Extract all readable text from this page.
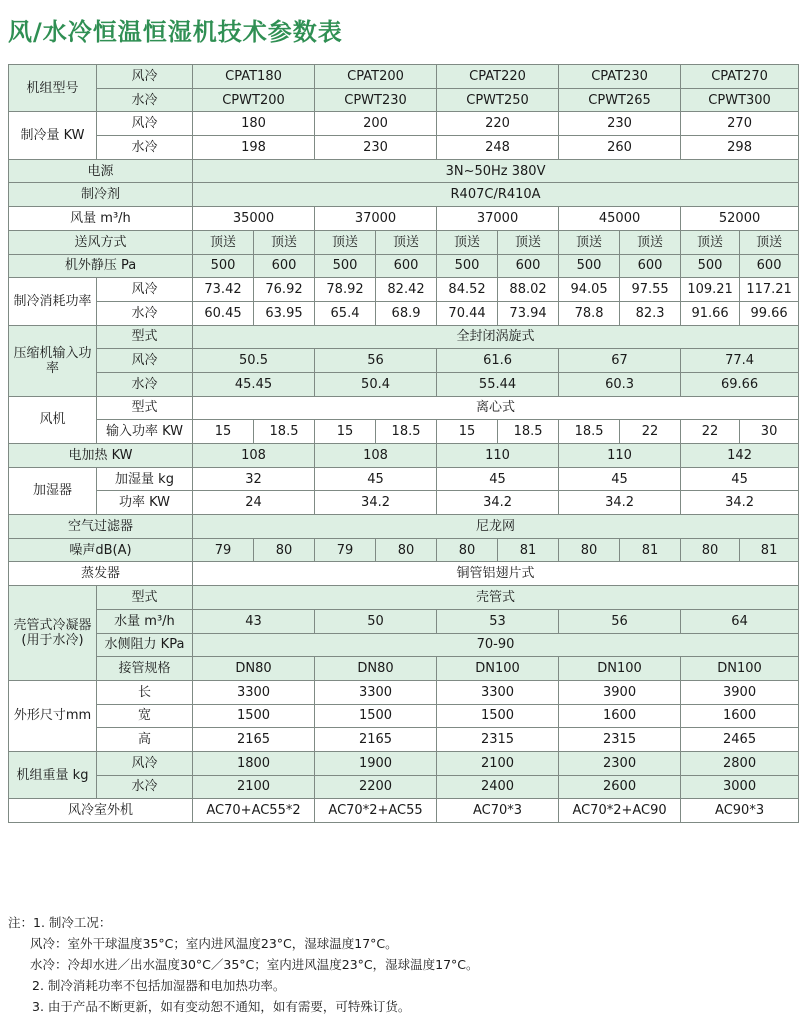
风/水冷恒温恒湿机技术参数表
机组型号	风冷	CPAT180		CPAT200		CPAT220		CPAT230		CPAT270	
	水冷	CPWT200		CPWT230		CPWT250		CPWT265		CPWT300	
制冷量 KW	风冷	180		200		220		230		270	
	水冷	198		230		248		260		298	
电源		3N~50Hz 380V									
制冷剂		R407C/R410A									
风量 m³/h		35000		37000		37000		45000		52000	
送风方式		顶送	顶送	顶送	顶送	顶送	顶送	顶送	顶送	顶送	顶送
机外静压 Pa		500	600	500	600	500	600	500	600	500	600
制冷消耗功率	风冷	73.42	76.92	78.92	82.42	84.52	88.02	94.05	97.55	109.21	117.21
	水冷	60.45	63.95	65.4	68.9	70.44	73.94	78.8	82.3	91.66	99.66
压缩机输入功率	型式	全封闭涡旋式									
	风冷	50.5		56		61.6		67		77.4	
	水冷	45.45		50.4		55.44		60.3		69.66	
风机	型式	离心式									
	输入功率 KW	15	18.5	15	18.5	15	18.5	18.5	22	22	30
电加热 KW		108		108		110		110		142	
加湿器	加湿量 kg	32		45		45		45		45	
	功率 KW	24		34.2		34.2		34.2		34.2	
空气过滤器		尼龙网									
噪声dB(A)		79	80	79	80	80	81	80	81	80	81
蒸发器		铜管铝翅片式									
壳管式冷凝器(用于水冷)	型式	壳管式									
	水量 m³/h	43		50		53		56		64	
	水侧阻力 KPa	70-90									
	接管规格	DN80		DN80		DN100		DN100		DN100	
外形尺寸mm	长	3300		3300		3300		3900		3900	
	宽	1500		1500		1500		1600		1600	
	高	2165		2165		2315		2315		2465	
机组重量 kg	风冷	1800		1900		2100		2300		2800	
	水冷	2100		2200		2400		2600		3000	
风冷室外机		AC70+AC55*2		AC70*2+AC55		AC70*3		AC70*2+AC90		AC90*3	
注：1. 制冷工况：
风冷：室外干球温度35°C；室内进风温度23°C，湿球温度17°C。
水冷：冷却水进／出水温度30°C／35°C；室内进风温度23°C，湿球温度17°C。
2. 制冷消耗功率不包括加湿器和电加热功率。
3. 由于产品不断更新，如有变动恕不通知，如有需要，可特殊订货。
